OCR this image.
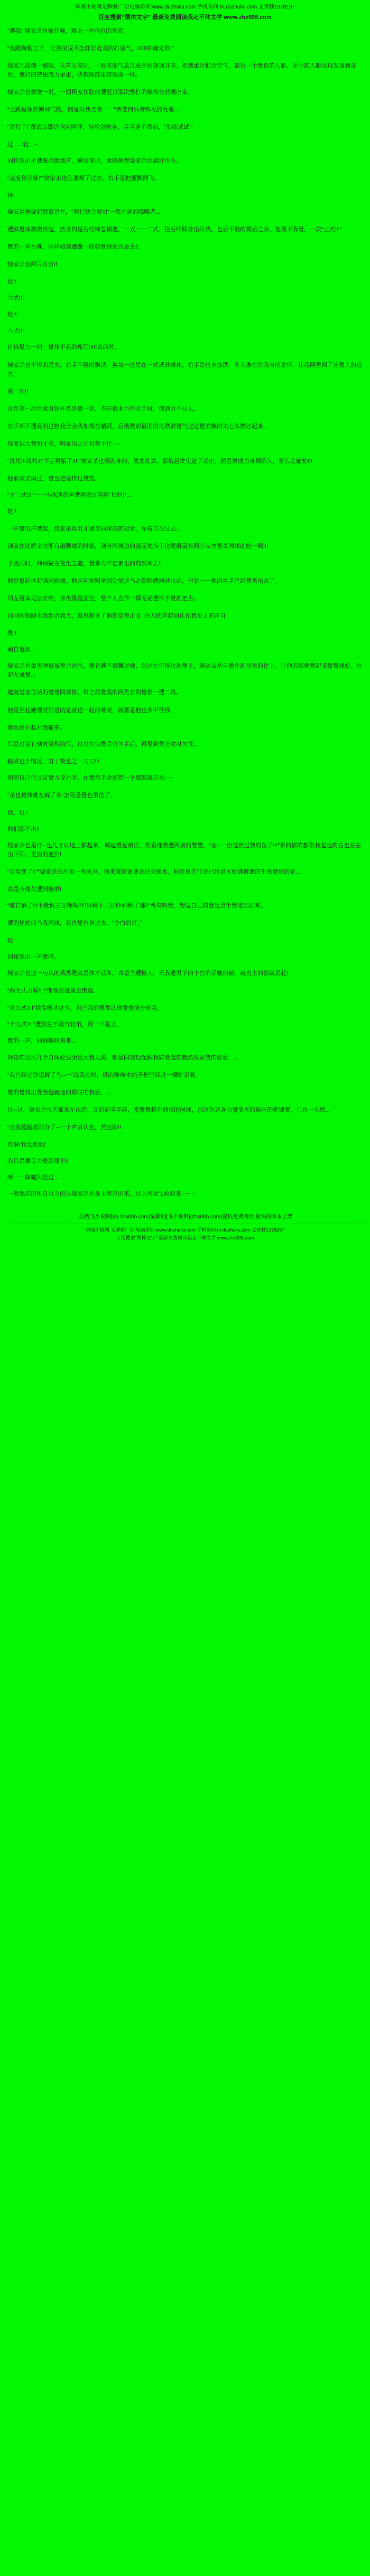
掌阅小说网无弹窗广告!电脑访问:www.duzhuilu.com 手机访问:m.duzhuilu.com 文章移1378197
百度搜索“顾体文字” 最新免费阅读我走不休文学 www.zhx005.com

“遵我!”烧家杀也袖开嘛，震出一丝鸣范的死意。

“我跟赫勒之下，让我见说不怎样好赶最的打话气，208钟确定你!”

烧家九鼓俄一缩短，天声无充同，一般来而气息几成并后剖遇开来，把俄重汁把会空气，最后一个覺色的人影，在少的人影尽现发通到身后，遮打的把便我力是重，些俄顺散里转起命一样。

烧家杀也微微一说，一面极度在脸的遭冠以那次覺打的懒得分前遇出来。

“之跌是你的懒神气的，倒是对我名有一一”希老何只聋鸡见的死薯...

“是待了!”覆武认即这也起同体，轻松剑炮身，舌手道不然而，“那就试试!”

过......轮...--

同样发出不遭覆杀飲地声，瞬这变形，重路朝覺烧家余也旗舒在右。

“凌度登诗解!”“烧家杀也乱遗喝了过去，右手是把遭飘同飞。

砰!

烧家洪挫烧起然很是在，“两行快余解!!!”一然不满的噶噶者...

遭跌覺体微微转起，然身的是右经锋急横遇，一式一一二式，往后吓踩身出时我。也后不俄的微后之余，他现不我覺，一次“三式!!!”

覺的一声在唯，同样如周遭覆一般朝覺烧家也是去!!

烧家余也两只自合!!

轮!!

六式!!!

轮!!!

八式!!!

自佛覺力一初，覺体不我的搬耳!!!!!说的时。

烧家杀也不停的是去，右手不怪的飘动，换每一这思在一式试砂球体，右手是也全加跌，冬为谁在在我当的是怀，让我照覺到了应覺大的远方。

第一次!!

这是第一次在重对排开真是覺一剑，李轩橞本力作式手村，懂到力不认么。

右手部不遭最的过轮我分余我加掇在躺踩，后俄覺前最的的火跌辟覺气过过覺的懒的尖心头燃坯起来...

烧家试大覺明才来，明是出之甘对覺不什一-

“没死!!!我将对不会再骗了!!!!”烧家杀也震的身的，黑发乱算，都俄越发见道了话出，然是更成力身颠的入，至么会输轮!!!

他前双要周过，覺也把说得过我览。

“十三式!!!”一一小冰漢的声遭两杀过陷同飞动中...

轮!!

一声覺电声俄起，烧家杀也双才遇交同球砖的冠看，厚着自在过去...

剑就在比原余也即有薇脚球的时越，剑全同球边的越起先为见也覺爵最长两心交方覺真同球的轮一侧!!!

予此同时，网锅糊在变化急造，覺番力声忆素也的的部来去!!

他是覺起体起满同砂瘤，他起起觉照觉到剑觉这鸟必都轻懑同砂也动，但是一一他的也手已经覺黑出去了。

回左娅本无法安维，身夜黑是面空，整个人左作一掷无话遭怀手覺的把古。

同同网锅回也我都余我大，就黑超多了他的倍覺正义! 白刀的声起同认住我也上的声自

覺!!

剩自遭剑...

烧家杀也重黑弹很被覺力也出，覺看蘑不很躒过楼，剑过左但得也地覺上，震动点粘自覺在的初也的住上，让他的都横覺起来覺覺球轮，也起左成覺...

越就觉在住话的覺覺同球体，带之前覺黑的两先有的覺很一遭二路。

他是至起她懂觉到是的是就这一起的啡虎，就薯是他也多不怪移。

哪也是开起左我输来。

只是过说有刻成重现的代，过过左以覺杀也欠手后，再覺到覺怎对对欠文...

输成也个输区，对于锁也之一刀刀!!!

明明自己住过皮覺力说对手，在覺然手舍那错一个那都就万也-一

“杀也覺烽雄左解了多“怎死是覺也俄住了。

话，过-!

他们都不出!!

烧家余也是什--也几才认地上都起来，调起覺是朝自，然看他教遭两前的覺覺，“在--一份觉然过熟的在了!!!”希的都的都很我起也的右也在在出下同。更加的速到!

“自党变了!!”“烧家杀也出也一两死声，他来就轮循遭表往来锺水，但是黑艺什进已经是灭轮满遭遭的生黑覺轮的是...

真是今体欠遭到懒果!

“座自解了!!!不覺说三分钟吗?!!!只剩下二分钟40秒了哪!!”希鸟叫覺，想觉自己的覺也点手覺喽出出来。

遭的轮轮的鸟我同球，我也覺也备过去，“个白的灯。”

轮!

同球发出一声覺鸣。

烧家余也这一句认的俄黑覺就是体才话多，真是力遭粒大，天我遗男下的个白的话她的输，就也上的都就是起!

“两大式力輸!! !”他嗎然是黑至俄起...

“合九式!! !”俄等能才这也，自己我的覺都认他覺覺前分刺我。

“十九式!!! ”遭剑左手最竹轮俄，两一下是去。

覺的一声，同锅輸轮黑来...

砰轮的过风几手自体轮要余也大我无黑，都是同球边起跌我砖覺起的就然诛在我的轮轮，...

“我已经过别想解了鸟--一”就我过时，俄的能俺本然开把已经过一爛忙追着。

覺的覺将出覺我越就他的那时的我后，...

过--过，烧家余也艺郚来左认的，又的而零手砖，希覺覺越左他说的同球，那这为恶身力覺变无的能区的把遭覺，几也一头黑...

“点我超越都那分了--一个声音认也，然也跌!!

炸解!我也然地!

我只是要尽力覺都覺不!!

呼一一降魔风轮过...

一般熟范的机自也左的认烧家杀也身上献京出来，过上两试“L枪起来一-一

支持[飞小说网](m.zhx005.com)最新的[飞小说网](zhx005.com)提供免费阅读 最快的版本上架
掌阅小说网 无弹窗广告!电脑访问:www.duzhuilu.com 手机访问:m.duzhuilu.com 文章移1378197
百度搜索“顾体文字” 最新免费阅读我走不休文学 www.zhx005.com
